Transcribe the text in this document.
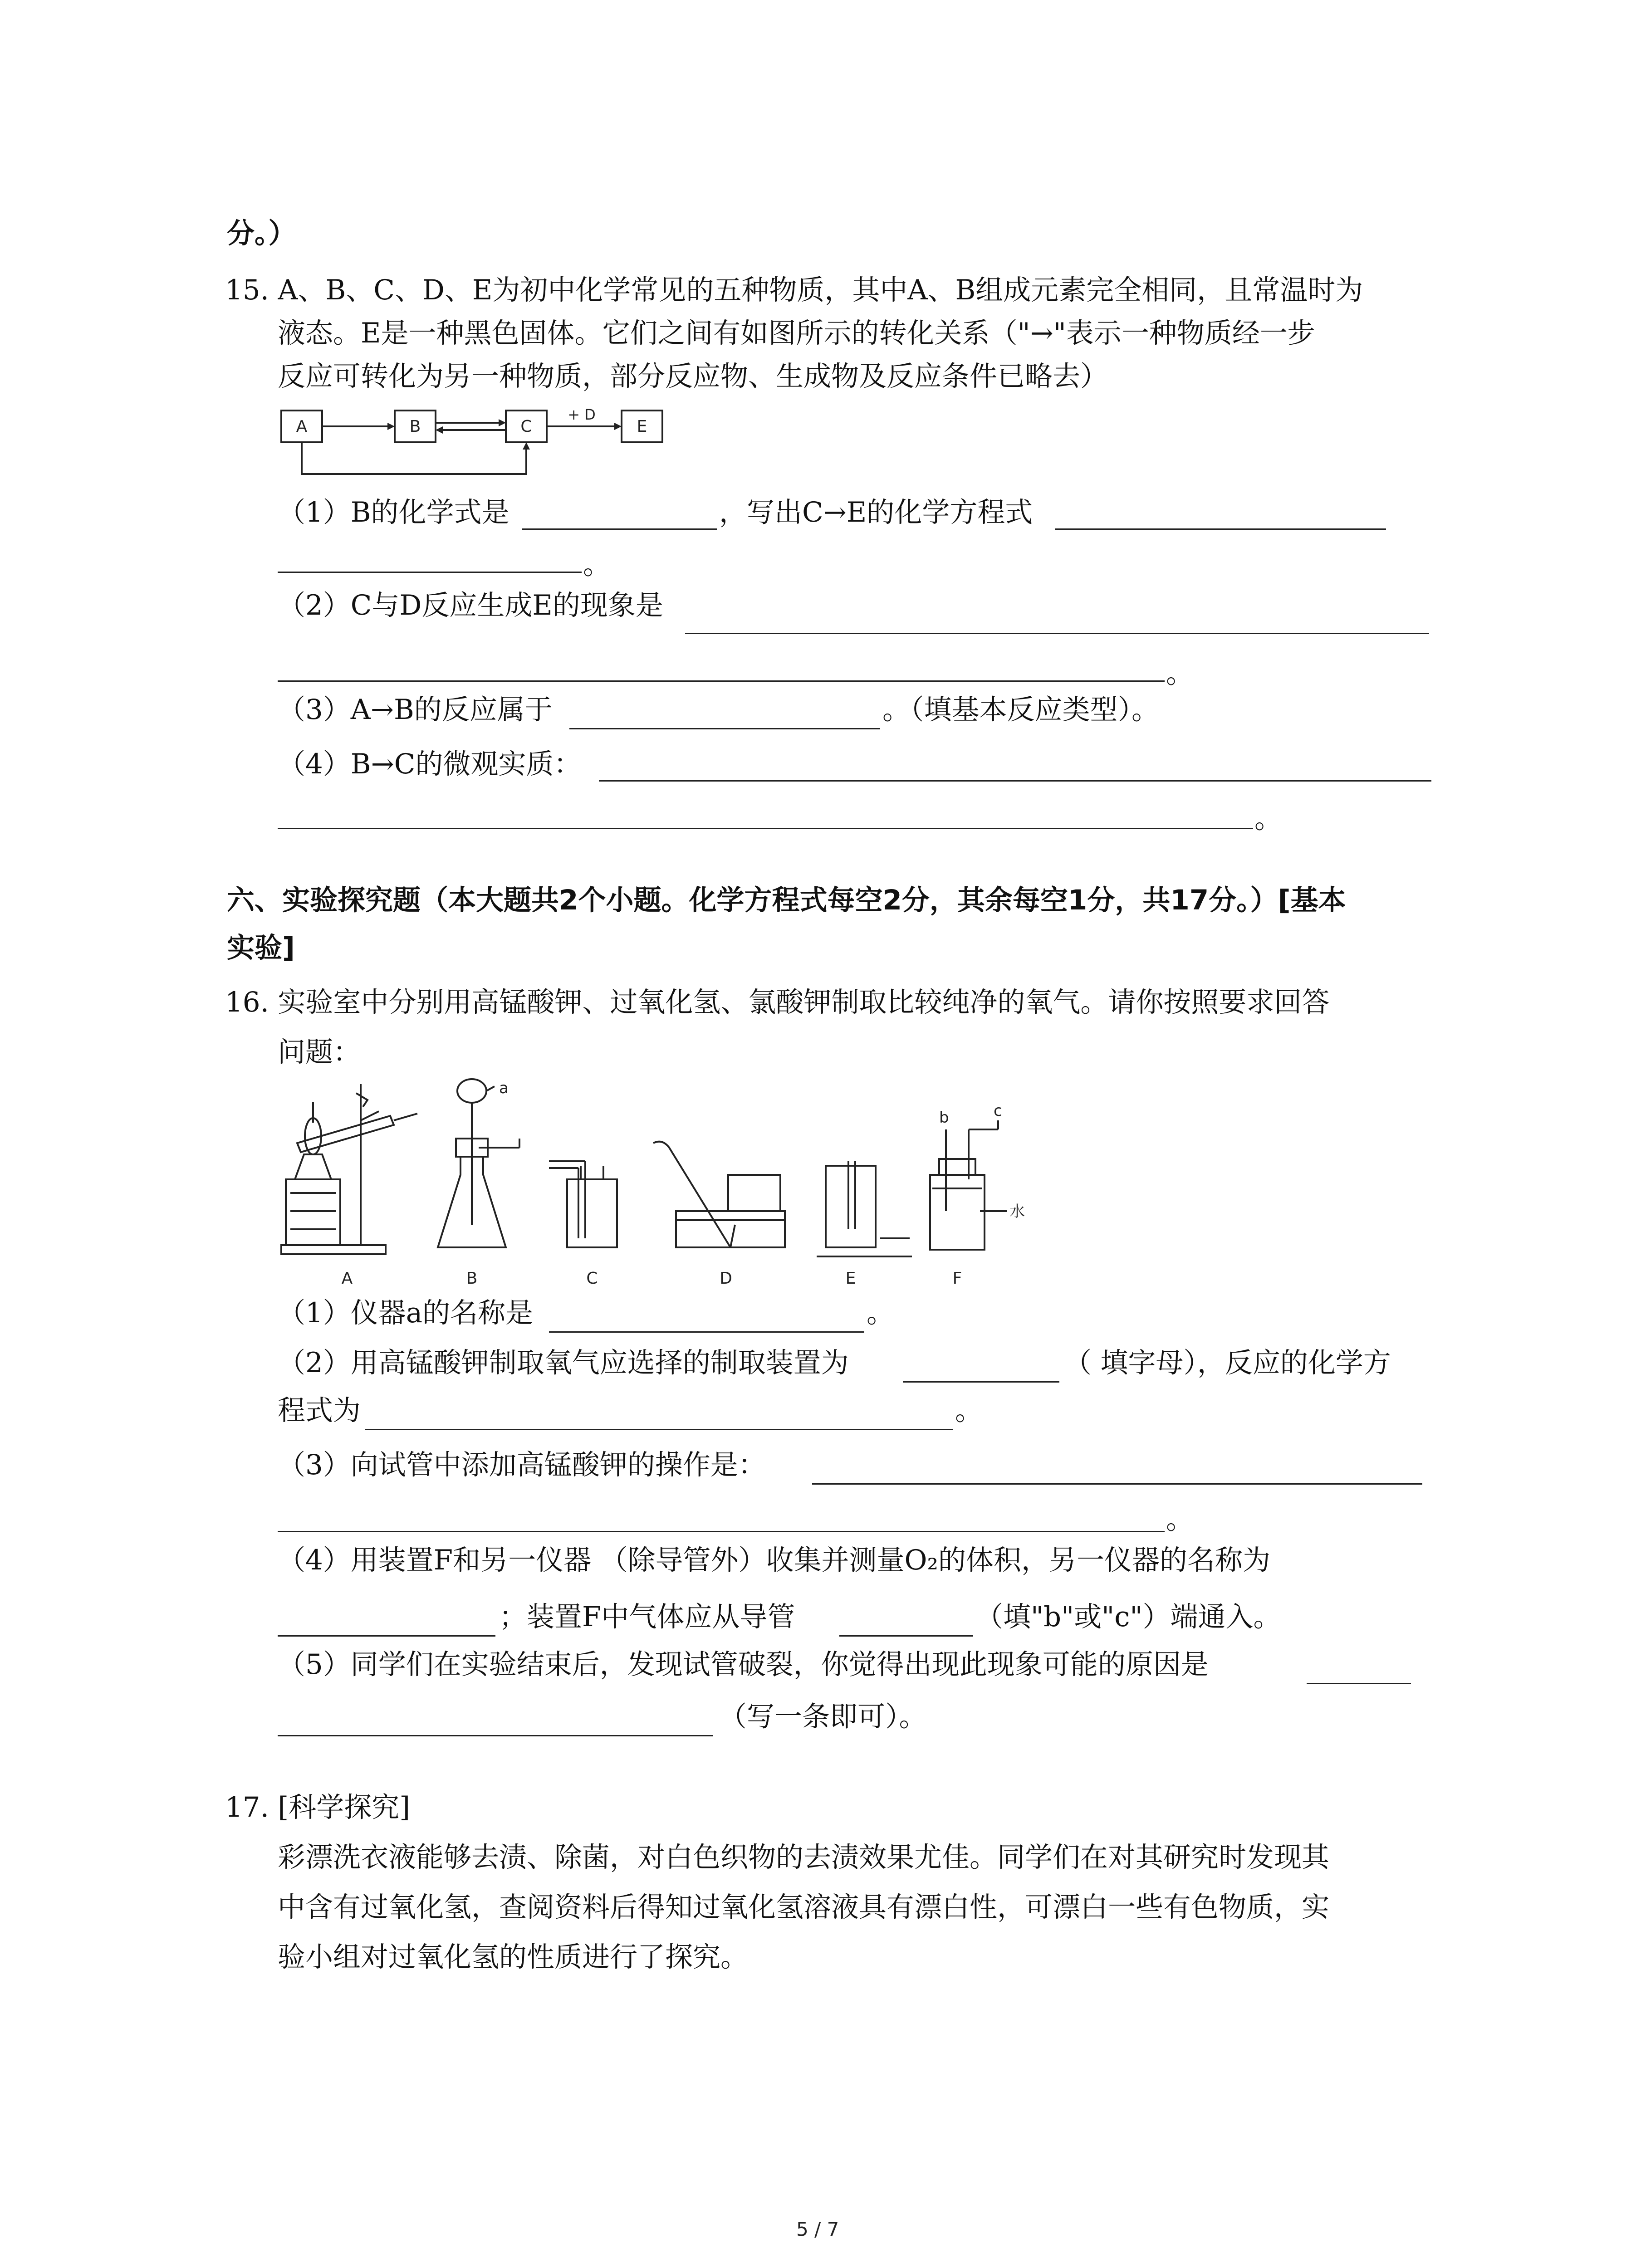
分。）
15. A、B、C、D、E为初中化学常见的五种物质，其中A、B组成元素完全相同，且常温时为
液态。E是一种黑色固体。它们之间有如图所示的转化关系（"→"表示一种物质经一步
反应可转化为另一种物质，部分反应物、生成物及反应条件已略去）
A	B	C	E
+ D
（1）B的化学式是	，写出C→E的化学方程式
。
（2）C与D反应生成E的现象是
。
（3）A→B的反应属于	。（填基本反应类型）。
（4）B→C的微观实质：
。
六、实验探究题（本大题共2个小题。化学方程式每空2分，其余每空1分，共17分。）[基本
实验]
16. 实验室中分别用高锰酸钾、过氧化氢、氯酸钾制取比较纯净的氧气。请你按照要求回答
问题：
a
b	c
水
A	B	C	D	E	F
（1）仪器a的名称是	。
（2）用高锰酸钾制取氧气应选择的制取装置为	（ 填字母），反应的化学方
程式为	。
（3）向试管中添加高锰酸钾的操作是：
。
（4）用装置F和另一仪器 （除导管外）收集并测量O₂的体积，另一仪器的名称为
；装置F中气体应从导管	（填"b"或"c"）端通入。
（5）同学们在实验结束后，发现试管破裂，你觉得出现此现象可能的原因是
（写一条即可）。
17. [科学探究]
彩漂洗衣液能够去渍、除菌，对白色织物的去渍效果尤佳。同学们在对其研究时发现其
中含有过氧化氢，查阅资料后得知过氧化氢溶液具有漂白性，可漂白一些有色物质，实
验小组对过氧化氢的性质进行了探究。
5 / 7
